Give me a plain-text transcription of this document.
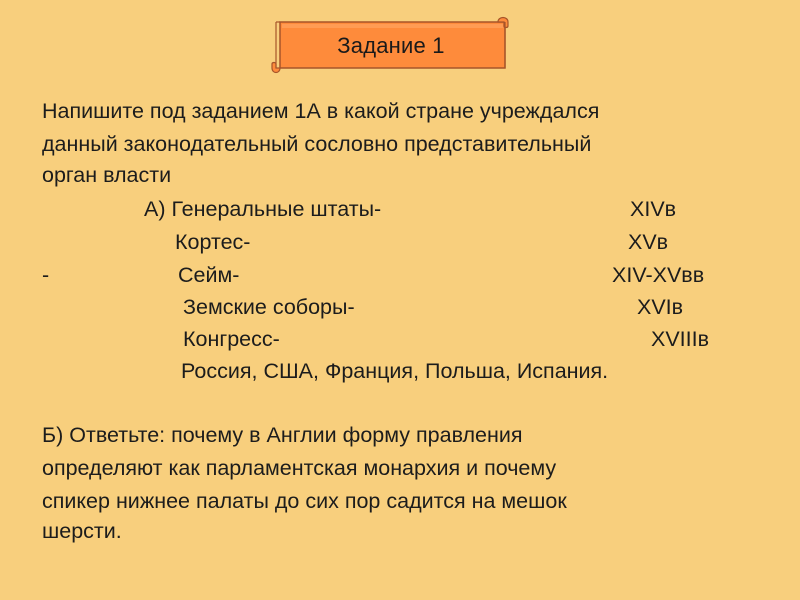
Задание 1
Напишите под заданием 1А в какой стране учреждался
данный законодательный сословно представительный
орган власти
А) Генеральные штаты-	XIVв
Кортес-	XVв
-	Сейм-	XIV-XVвв
Земские соборы-	XVIв
Конгресс-	XVIIIв
Россия, США, Франция, Польша, Испания.
Б) Ответьте: почему в Англии форму правления
определяют как парламентская монархия и почему
спикер нижнее палаты до сих пор садится на мешок
шерсти.
